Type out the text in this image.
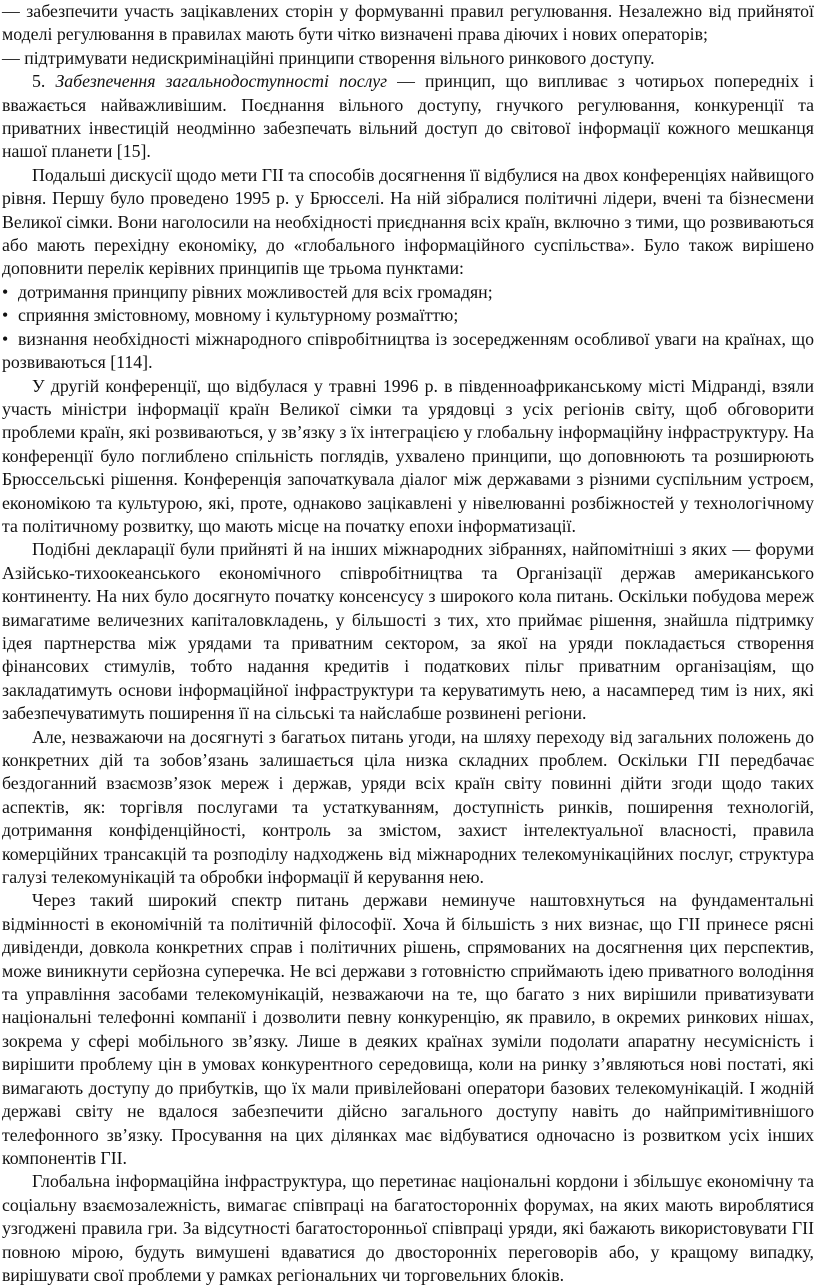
— забезпечити участь зацікавлених сторін у формуванні правил регулювання. Незалежно від прийнятої моделі регулювання в правилах мають бути чітко визначені права діючих і нових операторів;

— підтримувати недискримінаційні принципи створення вільного ринкового доступу.

5. Забезпечення загальнодоступності послуг — принцип, що випливає з чотирьох попередніх і вважається найважливішим. Поєднання вільного доступу, гнучкого регулювання, конкуренції та приватних інвестицій неодмінно забезпечать вільний доступ до світової інформації кожного мешканця нашої планети [15].

Подальші дискусії щодо мети ГІІ та способів досягнення її відбулися на двох конференціях найвищого рівня. Першу було проведено 1995 р. у Брюсселі. На ній зібралися політичні лідери, вчені та бізнесмени Великої сімки. Вони наголосили на необхідності приєднання всіх країн, включно з тими, що розвиваються або мають перехідну економіку, до «глобального інформаційного суспільства». Було також вирішено доповнити перелік керівних принципів ще трьома пунктами:

• дотримання принципу рівних можливостей для всіх громадян;

• сприяння змістовному, мовному і культурному розмаїттю;

• визнання необхідності міжнародного співробітництва із зосередженням особливої уваги на країнах, що розвиваються [114].

У другій конференції, що відбулася у травні 1996 р. в південноафриканському місті Мідранді, взяли участь міністри інформації країн Великої сімки та урядовці з усіх регіонів світу, щоб обговорити проблеми країн, які розвиваються, у зв’язку з їх інтеграцією у глобальну інформаційну інфраструктуру. На конференції було поглиблено спільність поглядів, ухвалено принципи, що доповнюють та розширюють Брюссельські рішення. Конференція започаткувала діалог між державами з різними суспільним устроєм, економікою та культурою, які, проте, однаково зацікавлені у нівелюванні розбіжностей у технологічному та політичному розвитку, що мають місце на початку епохи інформатизації.

Подібні декларації були прийняті й на інших міжнародних зібраннях, найпомітніші з яких — форуми Азійсько-тихоокеанського економічного співробітництва та Організації держав американського континенту. На них було досягнуто початку консенсусу з широкого кола питань. Оскільки побудова мереж вимагатиме величезних капіталовкладень, у більшості з тих, хто приймає рішення, знайшла підтримку ідея партнерства між урядами та приватним сектором, за якої на уряди покладається створення фінансових стимулів, тобто надання кредитів і податкових пільг приватним організаціям, що закладатимуть основи інформаційної інфраструктури та керуватимуть нею, а насамперед тим із них, які забезпечуватимуть поширення її на сільські та найслабше розвинені регіони.

Але, незважаючи на досягнуті з багатьох питань угоди, на шляху переходу від загальних положень до конкретних дій та зобов’язань залишається ціла низка складних проблем. Оскільки ГІІ передбачає бездоганний взаємозв’язок мереж і держав, уряди всіх країн світу повинні дійти згоди щодо таких аспектів, як: торгівля послугами та устаткуванням, доступність ринків, поширення технологій, дотримання конфіденційності, контроль за змістом, захист інтелектуальної власності, правила комерційних трансакцій та розподілу надходжень від міжнародних телекомунікаційних послуг, структура галузі телекомунікацій та обробки інформації й керування нею.

Через такий широкий спектр питань держави неминуче наштовхнуться на фундаментальні відмінності в економічній та політичній філософії. Хоча й більшість з них визнає, що ГІІ принесе рясні дивіденди, довкола конкретних справ і політичних рішень, спрямованих на досягнення цих перспектив, може виникнути серйозна суперечка. Не всі держави з готовністю сприймають ідею приватного володіння та управління засобами телекомунікацій, незважаючи на те, що багато з них вирішили приватизувати національні телефонні компанії і дозволити певну конкуренцію, як правило, в окремих ринкових нішах, зокрема у сфері мобільного зв’язку. Лише в деяких країнах зуміли подолати апаратну несумісність і вирішити проблему цін в умовах конкурентного середовища, коли на ринку з’являються нові постаті, які вимагають доступу до прибутків, що їх мали привілейовані оператори базових телекомунікацій. І жодній державі світу не вдалося забезпечити дійсно загального доступу навіть до найпримітивнішого телефонного зв’язку. Просування на цих ділянках має відбуватися одночасно із розвитком усіх інших компонентів ГІІ.

Глобальна інформаційна інфраструктура, що перетинає національні кордони і збільшує економічну та соціальну взаємозалежність, вимагає співпраці на багатосторонніх форумах, на яких мають вироблятися узгоджені правила гри. За відсутності багатосторонньої співпраці уряди, які бажають використовувати ГІІ повною мірою, будуть вимушені вдаватися до двосторонніх переговорів або, у кращому випадку, вирішувати свої проблеми у рамках регіональних чи торговельних блоків.
